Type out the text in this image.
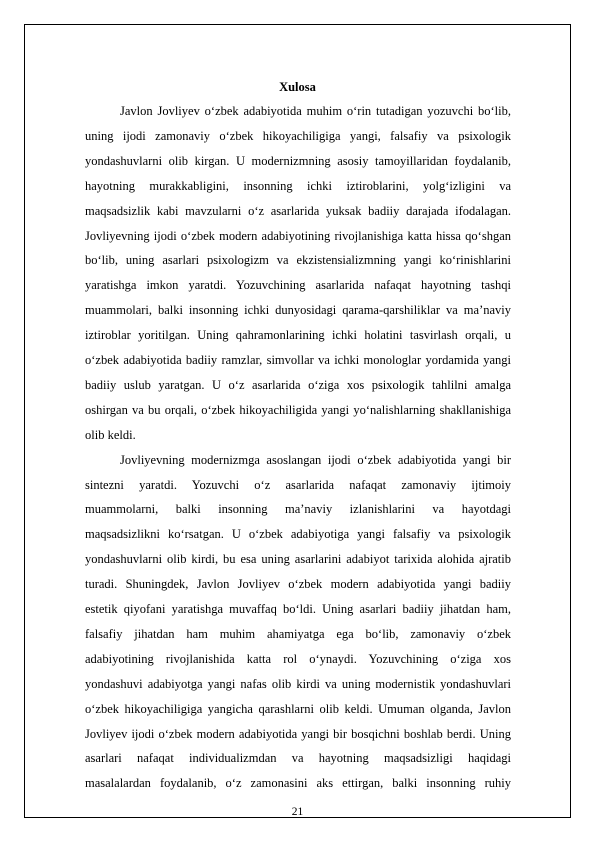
Xulosa
Javlon Jovliyev o‘zbek adabiyotida muhim o‘rin tutadigan yozuvchi bo‘lib,
uning ijodi zamonaviy o‘zbek hikoyachiligiga yangi, falsafiy va psixologik
yondashuvlarni olib kirgan. U modernizmning asosiy tamoyillaridan foydalanib,
hayotning murakkabligini, insonning ichki iztiroblarini, yolg‘izligini va
maqsadsizlik kabi mavzularni o‘z asarlarida yuksak badiiy darajada ifodalagan.
Jovliyevning ijodi o‘zbek modern adabiyotining rivojlanishiga katta hissa qo‘shgan
bo‘lib, uning asarlari psixologizm va ekzistensializmning yangi ko‘rinishlarini
yaratishga imkon yaratdi. Yozuvchining asarlarida nafaqat hayotning tashqi
muammolari, balki insonning ichki dunyosidagi qarama-qarshiliklar va ma’naviy
iztiroblar yoritilgan. Uning qahramonlarining ichki holatini tasvirlash orqali, u
o‘zbek adabiyotida badiiy ramzlar, simvollar va ichki monologlar yordamida yangi
badiiy uslub yaratgan. U o‘z asarlarida o‘ziga xos psixologik tahlilni amalga
oshirgan va bu orqali, o‘zbek hikoyachiligida yangi yo‘nalishlarning shakllanishiga
olib keldi.
Jovliyevning modernizmga asoslangan ijodi o‘zbek adabiyotida yangi bir
sintezni yaratdi. Yozuvchi o‘z asarlarida nafaqat zamonaviy ijtimoiy
muammolarni, balki insonning ma’naviy izlanishlarini va hayotdagi
maqsadsizlikni ko‘rsatgan. U o‘zbek adabiyotiga yangi falsafiy va psixologik
yondashuvlarni olib kirdi, bu esa uning asarlarini adabiyot tarixida alohida ajratib
turadi. Shuningdek, Javlon Jovliyev o‘zbek modern adabiyotida yangi badiiy
estetik qiyofani yaratishga muvaffaq bo‘ldi. Uning asarlari badiiy jihatdan ham,
falsafiy jihatdan ham muhim ahamiyatga ega bo‘lib, zamonaviy o‘zbek
adabiyotining rivojlanishida katta rol o‘ynaydi. Yozuvchining o‘ziga xos
yondashuvi adabiyotga yangi nafas olib kirdi va uning modernistik yondashuvlari
o‘zbek hikoyachiligiga yangicha qarashlarni olib keldi. Umuman olganda, Javlon
Jovliyev ijodi o‘zbek modern adabiyotida yangi bir bosqichni boshlab berdi. Uning
asarlari nafaqat individualizmdan va hayotning maqsadsizligi haqidagi
masalalardan foydalanib, o‘z zamonasini aks ettirgan, balki insonning ruhiy
21
